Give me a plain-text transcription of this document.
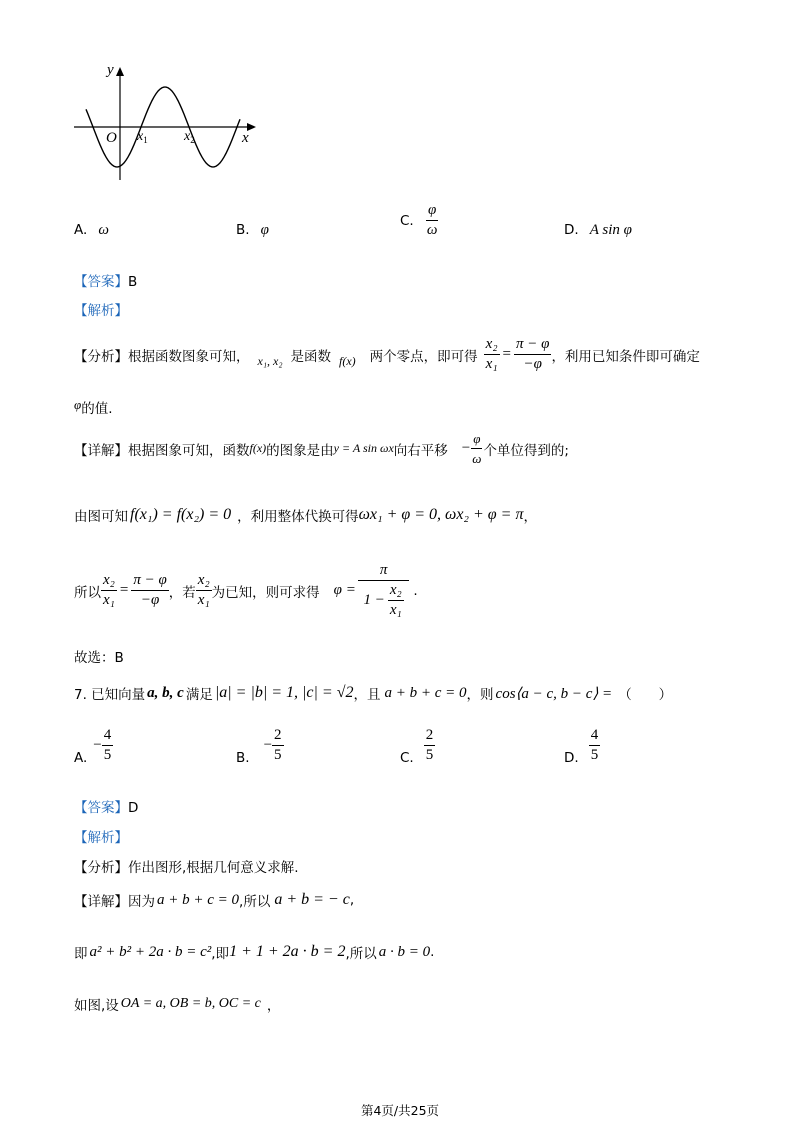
y
O $x_1$	$x_2$	x
A. ω	B. φ
C. $\frac{\varphi}{\omega}$	D. A sin φ
【答案】B
【解析】
【分析】 根据函数图象可知， x₁, x₂ 是函数 f(x) 两个零点，即可得 $\frac{\text{x₂}}{\text{x₁}} = \frac{\pi - \varphi}{-\varphi}$ ，利用已知条件即可确定
$^\varphi$的值.
【详解】 根据图象可知，函数 f(x) 的图象是由 y = A sin ωx 向右平移 − $\frac{\varphi}{\omega}$ 个单位得到的;
由图可知 f(x₁) = f(x₂) = 0 ，利用整体代换可得 ωx₁ + φ = 0, ωx₂ + φ = π ，
所以 $\frac{\text{x₂}}{\text{x₁}} = \frac{\pi - \varphi}{-\varphi}$ ，若 $\frac{\text{x₂}}{\text{x₁}}$ 为已知，则可求得 $\varphi = \frac{\pi}{1 - \frac{\text{x₂}}{\text{x₁}}}$ .
故选：B
7. 已知向量 a, b, c 满足 |a| = |b| = 1, |c| = √2 ，且 a + b + c = 0 ，则 cos⟨a − c, b − c⟩ = （　　）
A.
− $\frac{4}{5}$	B.
− $\frac{2}{5}$	C. $\frac{2}{5}$	D. $\frac{4}{5}$
【答案】D
【解析】
【分析】作出图形,根据几何意义求解.
【详解】 因为 a + b + c = 0 ,所以 a + b = − c ,
即 a² + b² + 2a · b = c² ,即 1 + 1 + 2a · b = 2 ,所以 a · b = 0 .
如图,设 OA = a, OB = b, OC = c ，
第4页/共25页
